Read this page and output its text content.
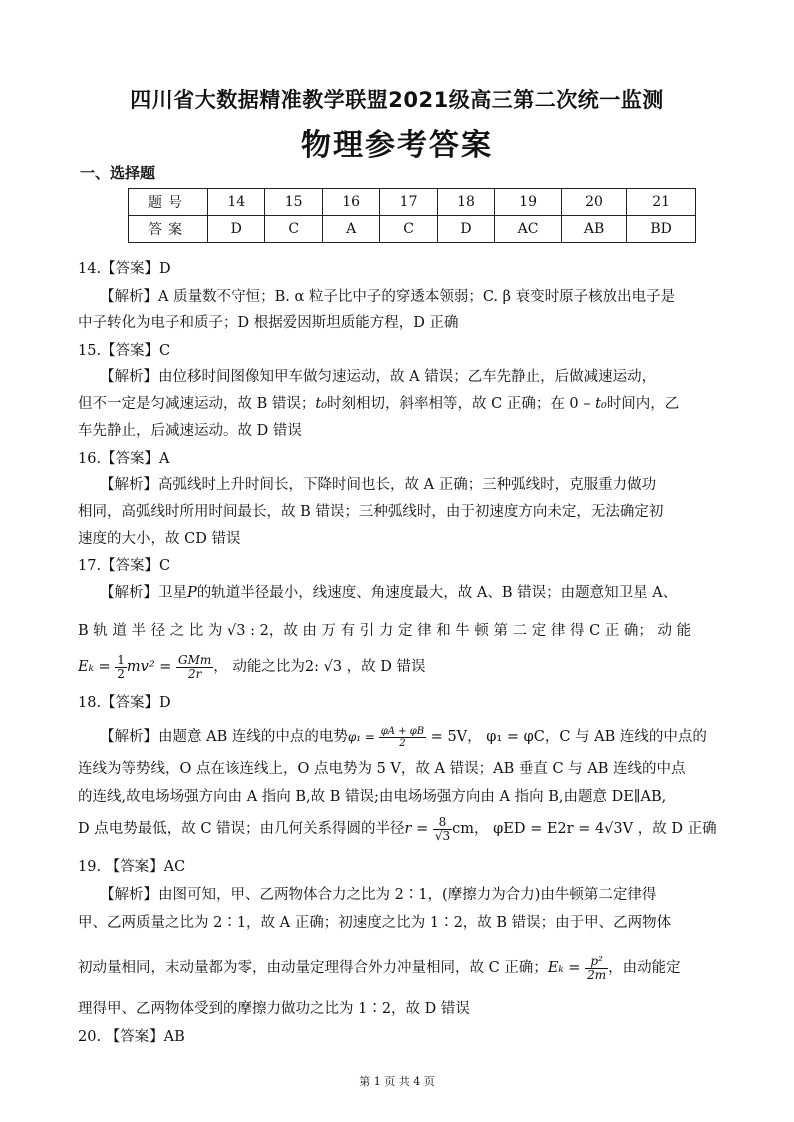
四川省大数据精准教学联盟2021级高三第二次统一监测
物理参考答案
一、选择题
题号	14	15	16	17	18	19	20	21
答案	D	C	A	C	D	AC	AB	BD
14.【答案】D
【解析】A 质量数不守恒；B. α 粒子比中子的穿透本领弱；C. β 衰变时原子核放出电子是
中子转化为电子和质子；D 根据爱因斯坦质能方程，D 正确
15.【答案】C
【解析】由位移时间图像知甲车做匀速运动，故 A 错误；乙车先静止，后做减速运动，
但不一定是匀减速运动，故 B 错误；t₀时刻相切，斜率相等，故 C 正确；在 0 – t₀时间内，乙
车先静止，后减速运动。故 D 错误
16.【答案】A
【解析】高弧线时上升时间长，下降时间也长，故 A 正确；三种弧线时，克服重力做功
相同，高弧线时所用时间最长，故 B 错误；三种弧线时，由于初速度方向未定，无法确定初
速度的大小，故 CD 错误
17.【答案】C
【解析】卫星P的轨道半径最小，线速度、角速度最大，故 A、B 错误；由题意知卫星 A、
B 轨 道 半 径 之 比 为 √3 : 2，故 由 万 有 引 力 定 律 和 牛 顿 第 二 定 律 得 C 正 确； 动 能
$E_k = \frac{1}{2} mv^2 = \frac{\text{GMm}}{2r}$ ， 动能之比为2: √3 ，故 D 错误
18.【答案】D
【解析】由题意 AB 连线的中点的电势$\varphi_1 = \frac{\varphi A + \varphi B}{2} = 5V$， φ₁ = φC，C 与 AB 连线的中点的
连线为等势线，O 点在该连线上，O 点电势为 5 V，故 A 错误；AB 垂直 C 与 AB 连线的中点
的连线,故电场场强方向由 A 指向 B,故 B 错误;由电场场强方向由 A 指向 B,由题意 DE∥AB,
D 点电势最低，故 C 错误；由几何关系得圆的半径$r = \frac{8}{√3}$ cm， φED = E2r = 4√3V ，故 D 正确
19. 【答案】AC
【解析】由图可知，甲、乙两物体合力之比为 2∶1，(摩擦力为合力)由牛顿第二定律得
甲、乙两质量之比为 2∶1，故 A 正确；初速度之比为 1∶2，故 B 错误；由于甲、乙两物体
初动量相同，末动量都为零，由动量定理得合外力冲量相同，故 C 正确；$E_k = \frac{\text{p²}}{2m}$ ，由动能定
理得甲、乙两物体受到的摩擦力做功之比为 1∶2，故 D 错误
20. 【答案】AB
第 1 页 共 4 页
